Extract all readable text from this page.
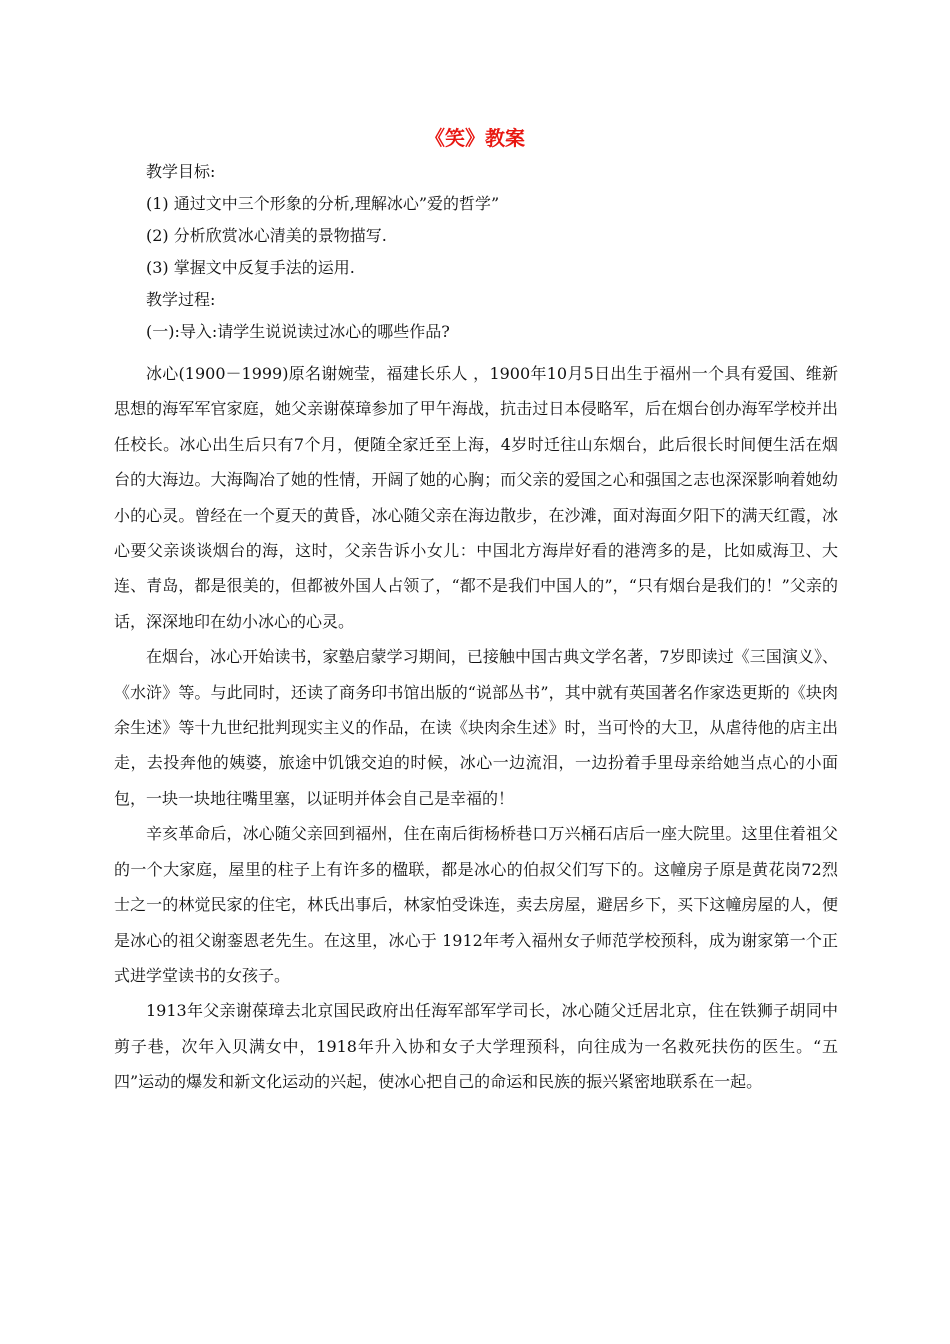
《笑》教案

教学目标:

(1) 通过文中三个形象的分析,理解冰心”爱的哲学”

(2) 分析欣赏冰心清美的景物描写.

(3) 掌握文中反复手法的运用.

教学过程:

(一):导入:请学生说说读过冰心的哪些作品?

冰心(1900－1999)原名谢婉莹，福建长乐人 ，1900年10月5日出生于福州一个具有爱国、维新思想的海军军官家庭，她父亲谢葆璋参加了甲午海战，抗击过日本侵略军，后在烟台创办海军学校并出任校长。冰心出生后只有7个月，便随全家迁至上海，4岁时迁往山东烟台，此后很长时间便生活在烟台的大海边。大海陶冶了她的性情，开阔了她的心胸；而父亲的爱国之心和强国之志也深深影响着她幼小的心灵。曾经在一个夏天的黄昏，冰心随父亲在海边散步，在沙滩，面对海面夕阳下的满天红霞，冰心要父亲谈谈烟台的海，这时，父亲告诉小女儿：中国北方海岸好看的港湾多的是，比如威海卫、大连、青岛，都是很美的，但都被外国人占领了，“都不是我们中国人的”，“只有烟台是我们的！”父亲的话，深深地印在幼小冰心的心灵。

在烟台，冰心开始读书，家塾启蒙学习期间，已接触中国古典文学名著，7岁即读过《三国演义》、《水浒》等。与此同时，还读了商务印书馆出版的“说部丛书”，其中就有英国著名作家迭更斯的《块肉余生述》等十九世纪批判现实主义的作品，在读《块肉余生述》时，当可怜的大卫，从虐待他的店主出走，去投奔他的姨婆，旅途中饥饿交迫的时候，冰心一边流泪，一边扮着手里母亲给她当点心的小面包，一块一块地往嘴里塞，以证明并体会自己是幸福的！

辛亥革命后，冰心随父亲回到福州，住在南后街杨桥巷口万兴桶石店后一座大院里。这里住着祖父的一个大家庭，屋里的柱子上有许多的楹联，都是冰心的伯叔父们写下的。这幢房子原是黄花岗72烈士之一的林觉民家的住宅，林氏出事后，林家怕受诛连，卖去房屋，避居乡下，买下这幢房屋的人，便是冰心的祖父谢銮恩老先生。在这里，冰心于 1912年考入福州女子师范学校预科，成为谢家第一个正式进学堂读书的女孩子。

1913年父亲谢葆璋去北京国民政府出任海军部军学司长，冰心随父迁居北京，住在铁狮子胡同中剪子巷，次年入贝满女中，1918年升入协和女子大学理预科，向往成为一名救死扶伤的医生。“五四”运动的爆发和新文化运动的兴起，使冰心把自己的命运和民族的振兴紧密地联系在一起。
